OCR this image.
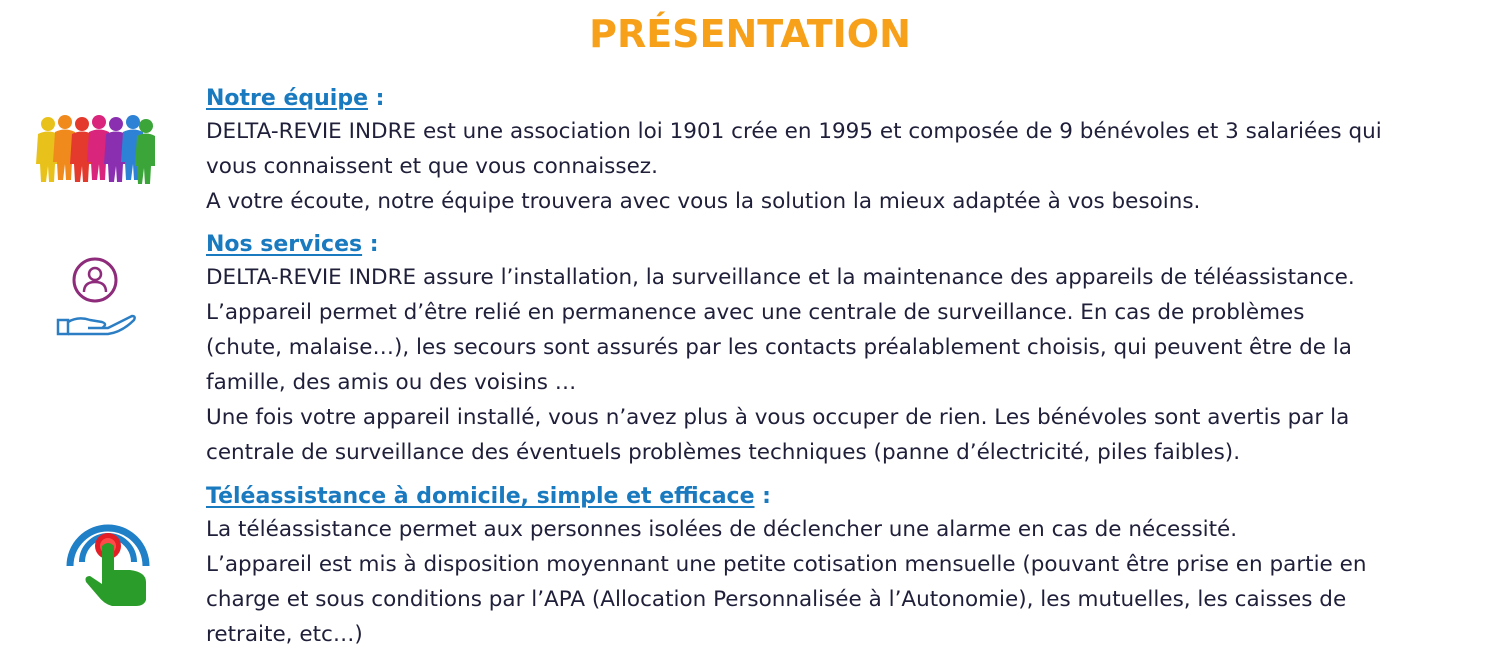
PRÉSENTATION
Notre équipe :
DELTA-REVIE INDRE est une association loi 1901 crée en 1995 et composée de 9 bénévoles et 3 salariées qui
vous connaissent et que vous connaissez.
A votre écoute, notre équipe trouvera avec vous la solution la mieux adaptée à vos besoins.
Nos services :
DELTA-REVIE INDRE assure l’installation, la surveillance et la maintenance des appareils de téléassistance.
L’appareil permet d’être relié en permanence avec une centrale de surveillance. En cas de problèmes
(chute, malaise…), les secours sont assurés par les contacts préalablement choisis, qui peuvent être de la
famille, des amis ou des voisins …
Une fois votre appareil installé, vous n’avez plus à vous occuper de rien. Les bénévoles sont avertis par la
centrale de surveillance des éventuels problèmes techniques (panne d’électricité, piles faibles).
Téléassistance à domicile, simple et efficace :
La téléassistance permet aux personnes isolées de déclencher une alarme en cas de nécessité.
L’appareil est mis à disposition moyennant une petite cotisation mensuelle (pouvant être prise en partie en
charge et sous conditions par l’APA (Allocation Personnalisée à l’Autonomie), les mutuelles, les caisses de
retraite, etc…)
